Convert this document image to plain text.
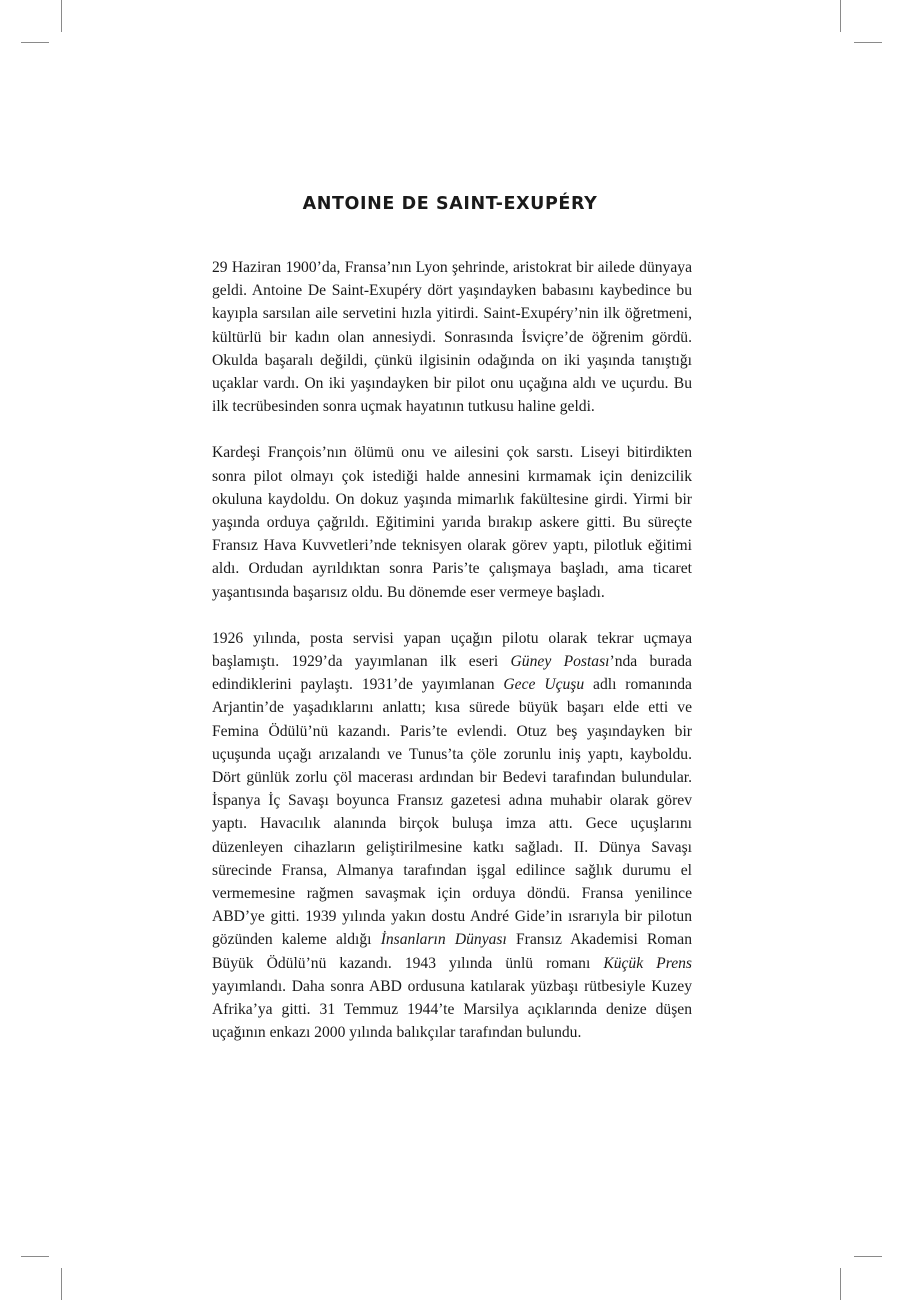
ANTOINE DE SAINT-EXUPÉRY

29 Haziran 1900’da, Fransa’nın Lyon şehrinde, aristokrat bir ailede dünyaya geldi. Antoine De Saint-Exupéry dört yaşındayken babasını kaybedince bu kayıpla sarsılan aile servetini hızla yitirdi. Saint-Exupéry’nin ilk öğretmeni, kültürlü bir kadın olan annesiydi. Sonrasında İsviçre’de öğrenim gördü. Okulda başaralı değildi, çünkü ilgisinin odağında on iki yaşında tanıştığı uçaklar vardı. On iki yaşındayken bir pilot onu uçağına aldı ve uçurdu. Bu ilk tecrübesinden sonra uçmak hayatının tutkusu haline geldi.

Kardeşi François’nın ölümü onu ve ailesini çok sarstı. Liseyi bitirdikten sonra pilot olmayı çok istediği halde annesini kırmamak için denizcilik okuluna kaydoldu. On dokuz yaşında mimarlık fakültesine girdi. Yirmi bir yaşında orduya çağrıldı. Eğitimini yarıda bırakıp askere gitti. Bu süreçte Fransız Hava Kuvvetleri’nde teknisyen olarak görev yaptı, pilotluk eğitimi aldı. Ordudan ayrıldıktan sonra Paris’te çalışmaya başladı, ama ticaret yaşantısında başarısız oldu. Bu dönemde eser vermeye başladı.

1926 yılında, posta servisi yapan uçağın pilotu olarak tekrar uçmaya başlamıştı. 1929’da yayımlanan ilk eseri Güney Postası’nda burada edindiklerini paylaştı. 1931’de yayımlanan Gece Uçuşu adlı romanında Arjantin’de yaşadıklarını anlattı; kısa sürede büyük başarı elde etti ve Femina Ödülü’nü kazandı. Paris’te evlendi. Otuz beş yaşındayken bir uçuşunda uçağı arızalandı ve Tunus’ta çöle zorunlu iniş yaptı, kayboldu. Dört günlük zorlu çöl macerası ardından bir Bedevi tarafından bulundular. İspanya İç Savaşı boyunca Fransız gazetesi adına muhabir olarak görev yaptı. Havacılık alanında birçok buluşa imza attı. Gece uçuşlarını düzenleyen cihazların geliştirilmesine katkı sağladı. II. Dünya Savaşı sürecinde Fransa, Almanya tarafından işgal edilince sağlık durumu el vermemesine rağmen savaşmak için orduya döndü. Fransa yenilince ABD’ye gitti. 1939 yılında yakın dostu André Gide’in ısrarıyla bir pilotun gözünden kaleme aldığı İnsanların Dünyası Fransız Akademisi Roman Büyük Ödülü’nü kazandı. 1943 yılında ünlü romanı Küçük Prens yayımlandı. Daha sonra ABD ordusuna katılarak yüzbaşı rütbesiyle Kuzey Afrika’ya gitti. 31 Temmuz 1944’te Marsilya açıklarında denize düşen uçağının enkazı 2000 yılında balıkçılar tarafından bulundu.
